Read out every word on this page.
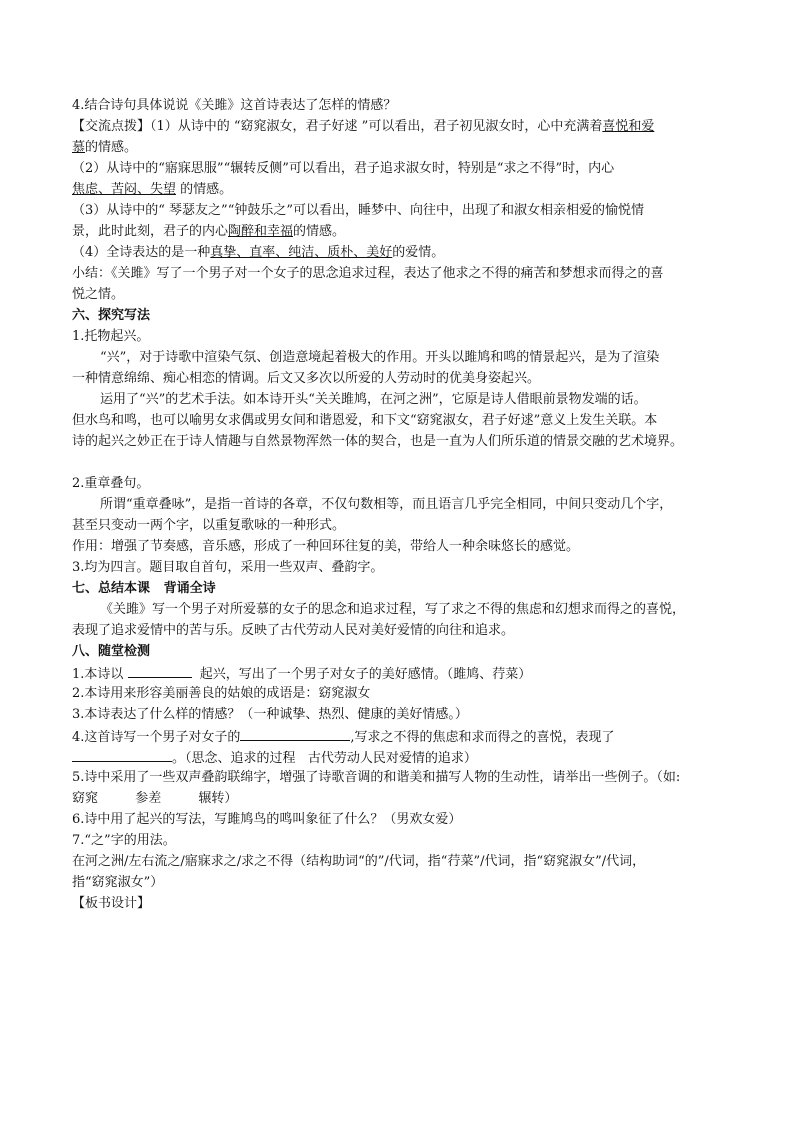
4.结合诗句具体说说《关雎》这首诗表达了怎样的情感？
【交流点拨】（1）从诗中的 “窈窕淑女，君子好逑 ”可以看出，君子初见淑女时，心中充满着喜悦和爱
慕的情感。
（2）从诗中的“寤寐思服”“辗转反侧”可以看出，君子追求淑女时，特别是“求之不得”时，内心
焦虑、苦闷、失望 的情感。
（3）从诗中的“ 琴瑟友之”“钟鼓乐之”可以看出，睡梦中、向往中，出现了和淑女相亲相爱的愉悦情
景，此时此刻，君子的内心陶醉和幸福的情感。
（4）全诗表达的是一种真挚、直率、纯洁、质朴、美好的爱情。
小结：《关雎》写了一个男子对一个女子的思念追求过程，表达了他求之不得的痛苦和梦想求而得之的喜
悦之情。
六、探究写法
1.托物起兴。
“兴”，对于诗歌中渲染气氛、创造意境起着极大的作用。开头以雎鸠和鸣的情景起兴，是为了渲染
一种情意绵绵、痴心相恋的情调。后文又多次以所爱的人劳动时的优美身姿起兴。
运用了“兴”的艺术手法。如本诗开头“关关雎鸠，在河之洲”，它原是诗人借眼前景物发端的话。
但水鸟和鸣，也可以喻男女求偶或男女间和谐恩爱，和下文“窈窕淑女，君子好逑”意义上发生关联。本
诗的起兴之妙正在于诗人情趣与自然景物浑然一体的契合，也是一直为人们所乐道的情景交融的艺术境界。
2.重章叠句。
所谓“重章叠咏”，是指一首诗的各章，不仅句数相等，而且语言几乎完全相同，中间只变动几个字，
甚至只变动一两个字，以重复歌咏的一种形式。
作用：增强了节奏感，音乐感，形成了一种回环往复的美，带给人一种余味悠长的感觉。
3.均为四言。题目取自首句，采用一些双声、叠韵字。
七、总结本课   背诵全诗
《关雎》写一个男子对所爱慕的女子的思念和追求过程，写了求之不得的焦虑和幻想求而得之的喜悦，
表现了追求爱情中的苦与乐。反映了古代劳动人民对美好爱情的向往和追求。
八、随堂检测
1.本诗以	起兴，写出了一个男子对女子的美好感情。（雎鸠、荇菜）
2.本诗用来形容美丽善良的姑娘的成语是：窈窕淑女
3.本诗表达了什么样的情感？（一种诚挚、热烈、健康的美好情感。）
4.这首诗写一个男子对女子的	,写求之不得的焦虑和求而得之的喜悦，表现了
。（思念、追求的过程   古代劳动人民对爱情的追求）
5.诗中采用了一些双声叠韵联绵字，增强了诗歌音调的和谐美和描写人物的生动性，请举出一些例子。（如:
窈窕         参差         辗转）
6.诗中用了起兴的写法，写雎鸠鸟的鸣叫象征了什么？（男欢女爱）
7.“之”字的用法。
在河之洲/左右流之/寤寐求之/求之不得（结构助词“的”/代词，指“荇菜”/代词，指“窈窕淑女”/代词，
指“窈窕淑女”）
【板书设计】
